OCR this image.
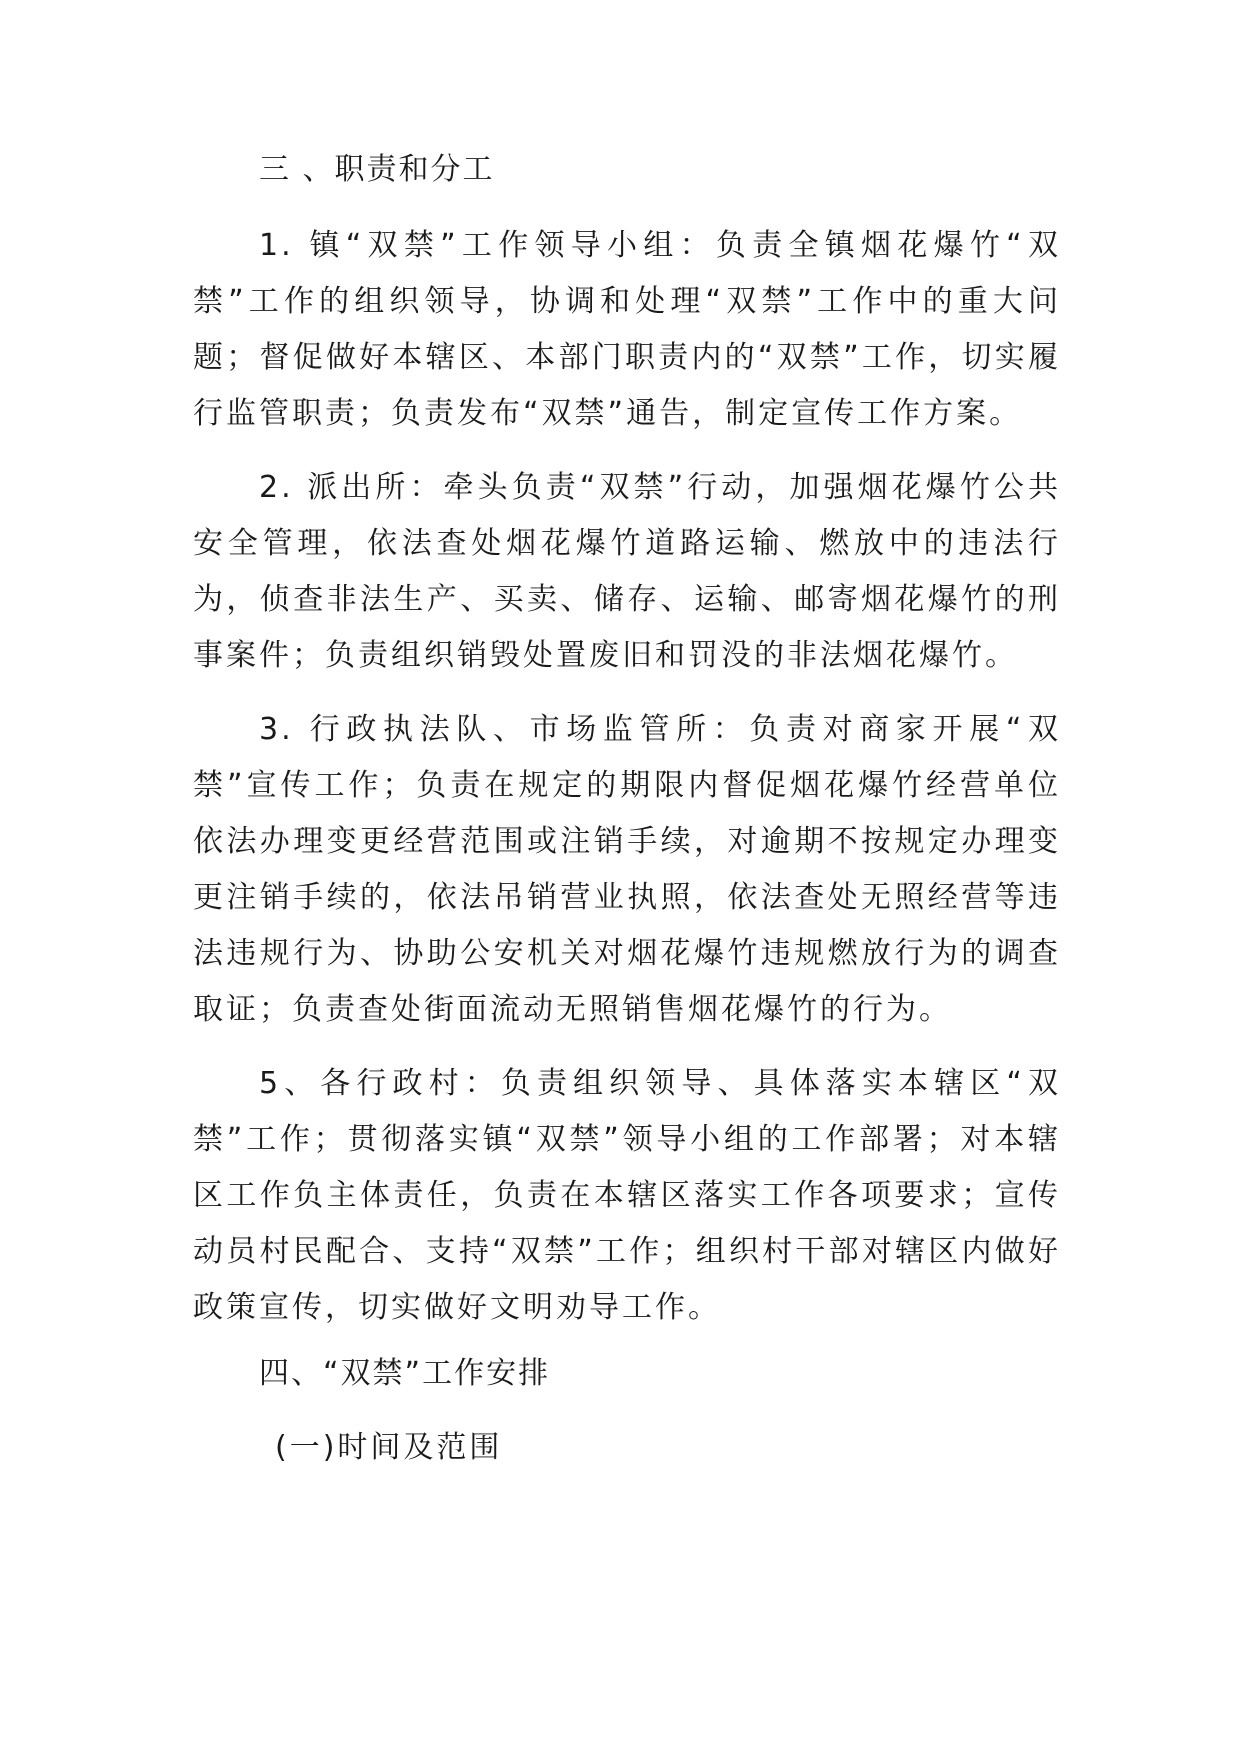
三 、职责和分工

1. 镇“双禁”工作领导小组：负责全镇烟花爆竹“双禁”工作的组织领导，协调和处理“双禁”工作中的重大问题；督促做好本辖区、本部门职责内的“双禁”工作，切实履行监管职责；负责发布“双禁”通告，制定宣传工作方案。

2. 派出所：牵头负责“双禁”行动，加强烟花爆竹公共安全管理，依法查处烟花爆竹道路运输、燃放中的违法行为，侦查非法生产、买卖、储存、运输、邮寄烟花爆竹的刑事案件；负责组织销毁处置废旧和罚没的非法烟花爆竹。

3. 行政执法队、市场监管所：负责对商家开展“双禁”宣传工作；负责在规定的期限内督促烟花爆竹经营单位依法办理变更经营范围或注销手续，对逾期不按规定办理变更注销手续的，依法吊销营业执照，依法查处无照经营等违法违规行为、协助公安机关对烟花爆竹违规燃放行为的调查取证；负责查处街面流动无照销售烟花爆竹的行为。

5、各行政村：负责组织领导、具体落实本辖区“双禁”工作；贯彻落实镇“双禁”领导小组的工作部署；对本辖区工作负主体责任，负责在本辖区落实工作各项要求；宣传动员村民配合、支持“双禁”工作；组织村干部对辖区内做好政策宣传，切实做好文明劝导工作。

四、“双禁”工作安排
(一)时间及范围
